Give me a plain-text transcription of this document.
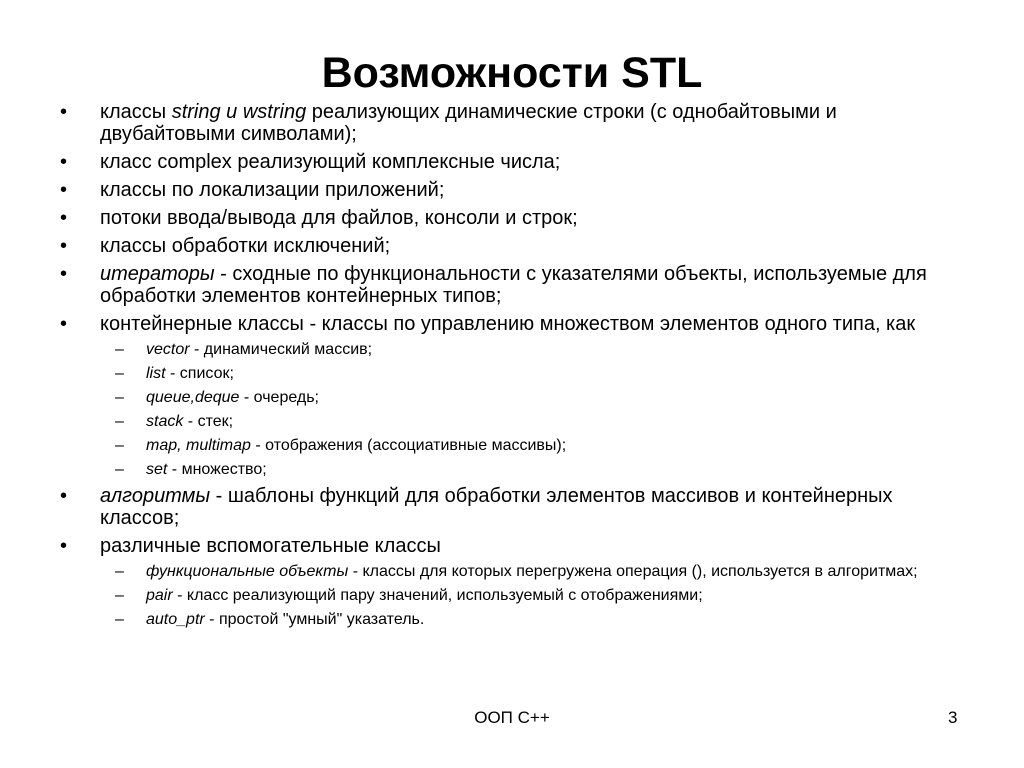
Возможности STL
•	классы string и wstring реализующих динамические строки (с однобайтовыми и двубайтовыми символами);
•	класс complex реализующий комплексные числа;
•	классы по локализации приложений;
•	потоки ввода/вывода для файлов, консоли и строк;
•	классы обработки исключений;
•	итераторы - сходные по функциональности с указателями объекты, используемые для обработки элементов контейнерных типов;
•	контейнерные классы - классы по управлению множеством элементов одного типа, как
– vector - динамический массив;
– list - список;
– queue,deque - очередь;
– stack - стек;
– map, multimap - отображения (ассоциативные массивы);
– set - множество;
•	алгоритмы - шаблоны функций для обработки элементов массивов и контейнерных классов;
•	различные вспомогательные классы
– функциональные объекты - классы для которых перегружена операция (), используется в алгоритмах;
– pair - класс реализующий пару значений, используемый с отображениями;
– auto_ptr - простой "умный" указатель.
ООП С++	3
